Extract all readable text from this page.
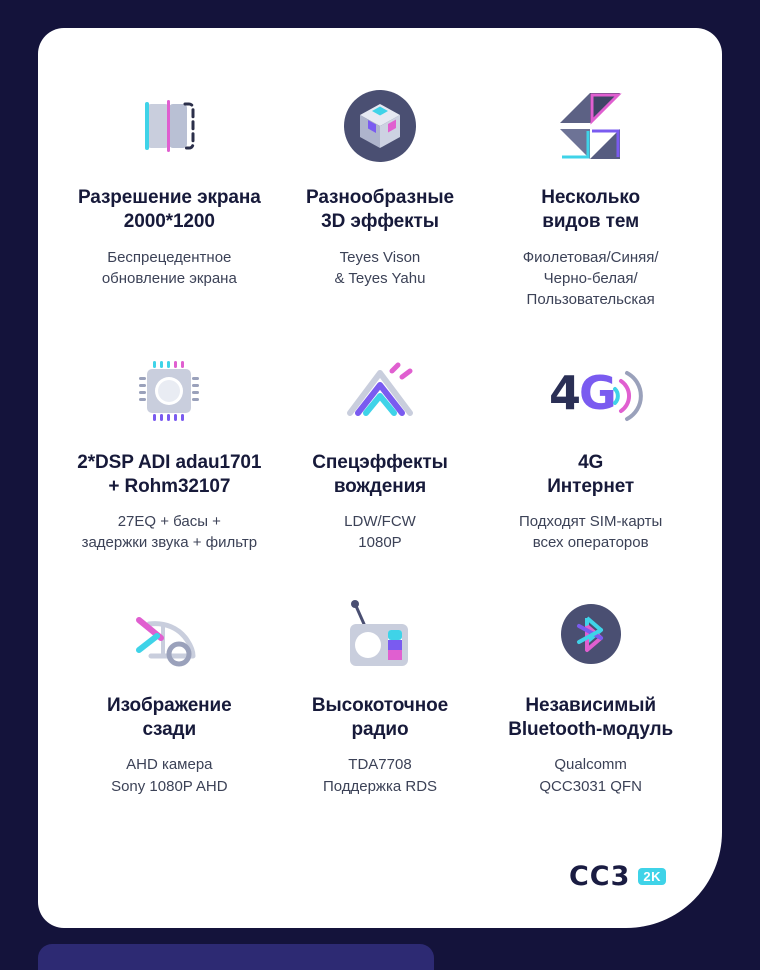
Разрешение экрана
2000*1200
Беспрецедентное
обновление экрана
Разнообразные
3D эффекты
Teyes Vison
& Teyes Yahu
Несколько
видов тем
Фиолетовая/Синяя/
Черно-белая/
Пользовательская
2*DSP ADI adau1701
+ Rohm32107
27EQ + басы +
задержки звука + фильтр
Спецэффекты
вождения
LDW/FCW
1080P
4
G
4G
Интернет
Подходят SIM-карты
всех операторов
Изображение
сзади
AHD камера
Sony 1080P AHD
Высокоточное
радио
TDA7708
Поддержка RDS
Независимый
Bluetooth-модуль
Qualcomm
QCC3031 QFN
CC3	2K
